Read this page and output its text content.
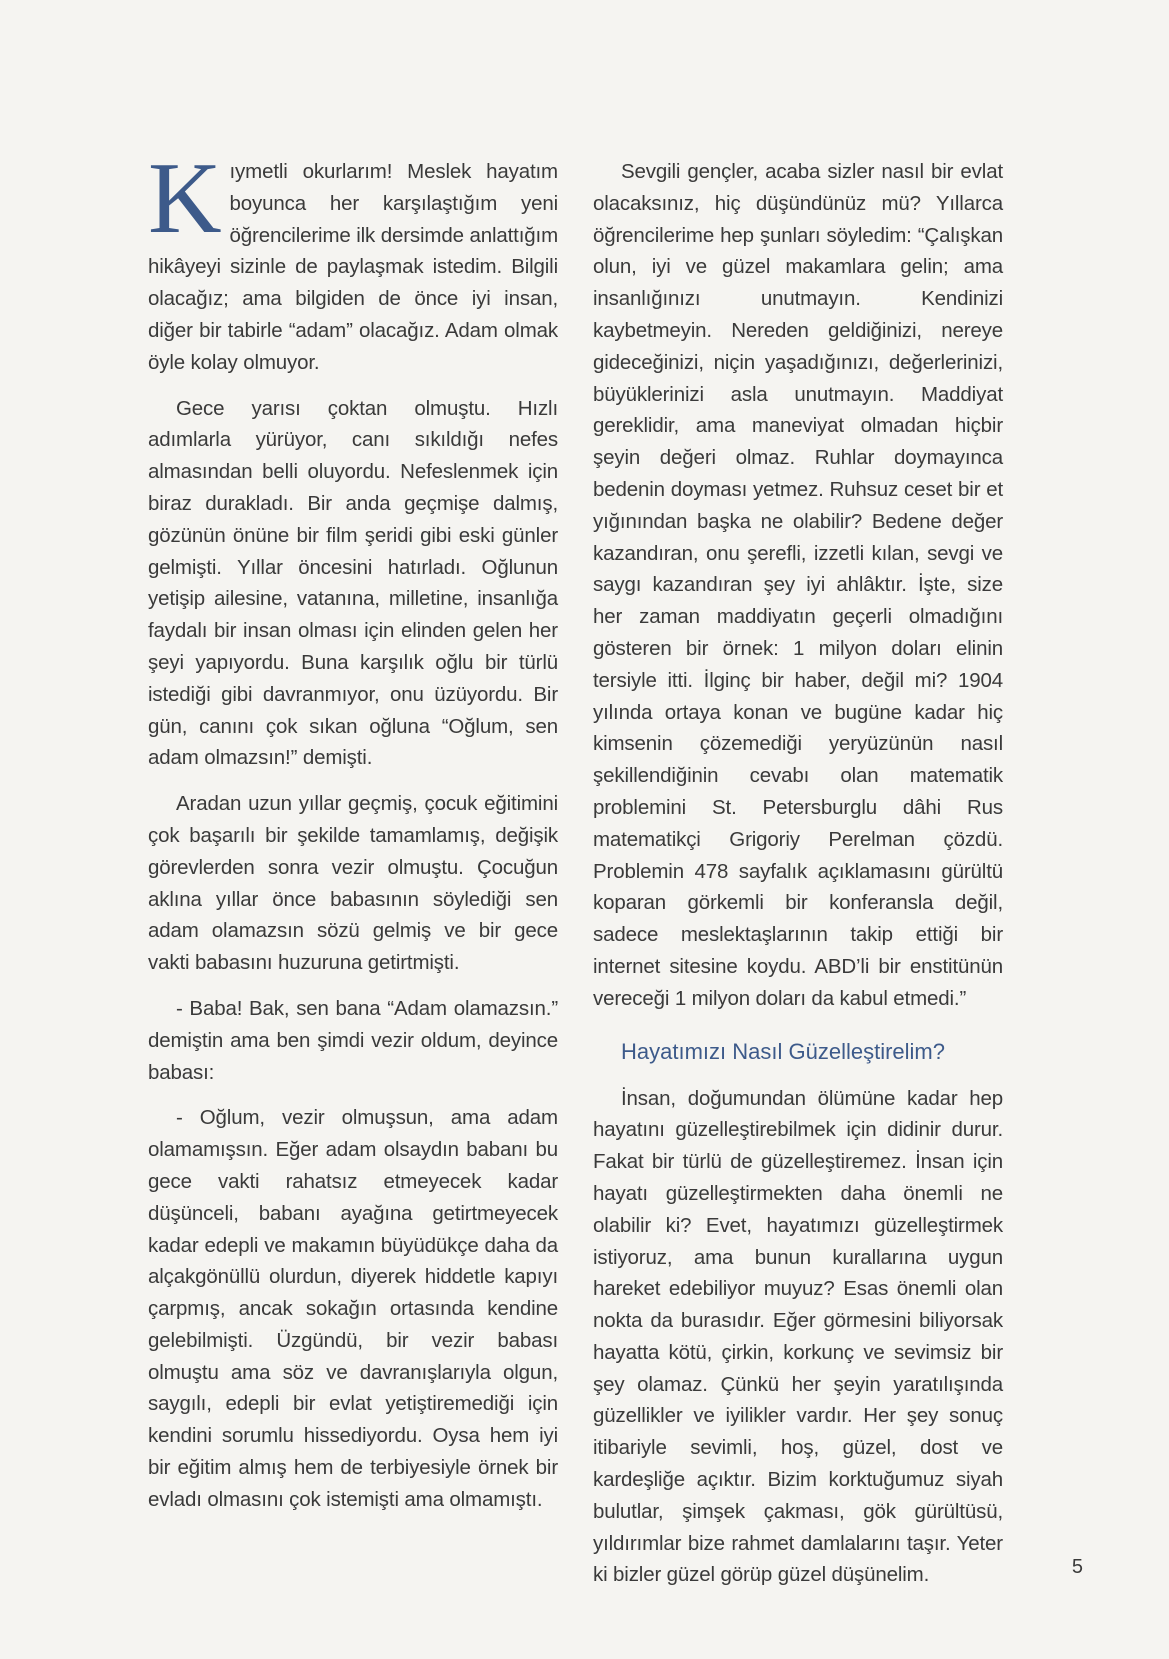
Kıymetli okurlarım! Meslek hayatım boyunca her karşılaştığım yeni öğrencilerime ilk dersimde anlattığım hikâyeyi sizinle de paylaşmak istedim. Bilgili olacağız; ama bilgiden de önce iyi insan, diğer bir tabirle “adam” olacağız. Adam olmak öyle kolay olmuyor.

Gece yarısı çoktan olmuştu. Hızlı adımlarla yürüyor, canı sıkıldığı nefes almasından belli oluyordu. Nefeslenmek için biraz durakladı. Bir anda geçmişe dalmış, gözünün önüne bir film şeridi gibi eski günler gelmişti. Yıllar öncesini hatırladı. Oğlunun yetişip ailesine, vatanına, milletine, insanlığa faydalı bir insan olması için elinden gelen her şeyi yapıyordu. Buna karşılık oğlu bir türlü istediği gibi davranmıyor, onu üzüyordu. Bir gün, canını çok sıkan oğluna “Oğlum, sen adam olmazsın!” demişti.

Aradan uzun yıllar geçmiş, çocuk eğitimini çok başarılı bir şekilde tamamlamış, değişik görevlerden sonra vezir olmuştu. Çocuğun aklına yıllar önce babasının söylediği sen adam olamazsın sözü gelmiş ve bir gece vakti babasını huzuruna getirtmişti.

- Baba! Bak, sen bana “Adam olamazsın.” demiştin ama ben şimdi vezir oldum, deyince babası:

- Oğlum, vezir olmuşsun, ama adam olamamışsın. Eğer adam olsaydın babanı bu gece vakti rahatsız etmeyecek kadar düşünceli, babanı ayağına getirtmeyecek kadar edepli ve makamın büyüdükçe daha da alçakgönüllü olurdun, diyerek hiddetle kapıyı çarpmış, ancak sokağın ortasında kendine gelebilmişti. Üzgündü, bir vezir babası olmuştu ama söz ve davranışlarıyla olgun, saygılı, edepli bir evlat yetiştiremediği için kendini sorumlu hissediyordu. Oysa hem iyi bir eğitim almış hem de terbiyesiyle örnek bir evladı olmasını çok istemişti ama olmamıştı.

Sevgili gençler, acaba sizler nasıl bir evlat olacaksınız, hiç düşündünüz mü? Yıllarca öğrencilerime hep şunları söyledim: “Çalışkan olun, iyi ve güzel makamlara gelin; ama insanlığınızı unutmayın. Kendinizi kaybetmeyin. Nereden geldiğinizi, nereye gideceğinizi, niçin yaşadığınızı, değerlerinizi, büyüklerinizi asla unutmayın. Maddiyat gereklidir, ama maneviyat olmadan hiçbir şeyin değeri olmaz. Ruhlar doymayınca bedenin doyması yetmez. Ruhsuz ceset bir et yığınından başka ne olabilir? Bedene değer kazandıran, onu şerefli, izzetli kılan, sevgi ve saygı kazandıran şey iyi ahlâktır. İşte, size her zaman maddiyatın geçerli olmadığını gösteren bir örnek: 1 milyon doları elinin tersiyle itti. İlginç bir haber, değil mi? 1904 yılında ortaya konan ve bugüne kadar hiç kimsenin çözemediği yeryüzünün nasıl şekillendiğinin cevabı olan matematik problemini St. Petersburglu dâhi Rus matematikçi Grigoriy Perelman çözdü. Problemin 478 sayfalık açıklamasını gürültü koparan görkemli bir konferansla değil, sadece meslektaşlarının takip ettiği bir internet sitesine koydu. ABD’li bir enstitünün vereceği 1 milyon doları da kabul etmedi.”

Hayatımızı Nasıl Güzelleştirelim?

İnsan, doğumundan ölümüne kadar hep hayatını güzelleştirebilmek için didinir durur. Fakat bir türlü de güzelleştiremez. İnsan için hayatı güzelleştirmekten daha önemli ne olabilir ki? Evet, hayatımızı güzelleştirmek istiyoruz, ama bunun kurallarına uygun hareket edebiliyor muyuz? Esas önemli olan nokta da burasıdır. Eğer görmesini biliyorsak hayatta kötü, çirkin, korkunç ve sevimsiz bir şey olamaz. Çünkü her şeyin yaratılışında güzellikler ve iyilikler vardır. Her şey sonuç itibariyle sevimli, hoş, güzel, dost ve kardeşliğe açıktır. Bizim korktuğumuz siyah bulutlar, şimşek çakması, gök gürültüsü, yıldırımlar bize rahmet damlalarını taşır. Yeter ki bizler güzel görüp güzel düşünelim.	5
